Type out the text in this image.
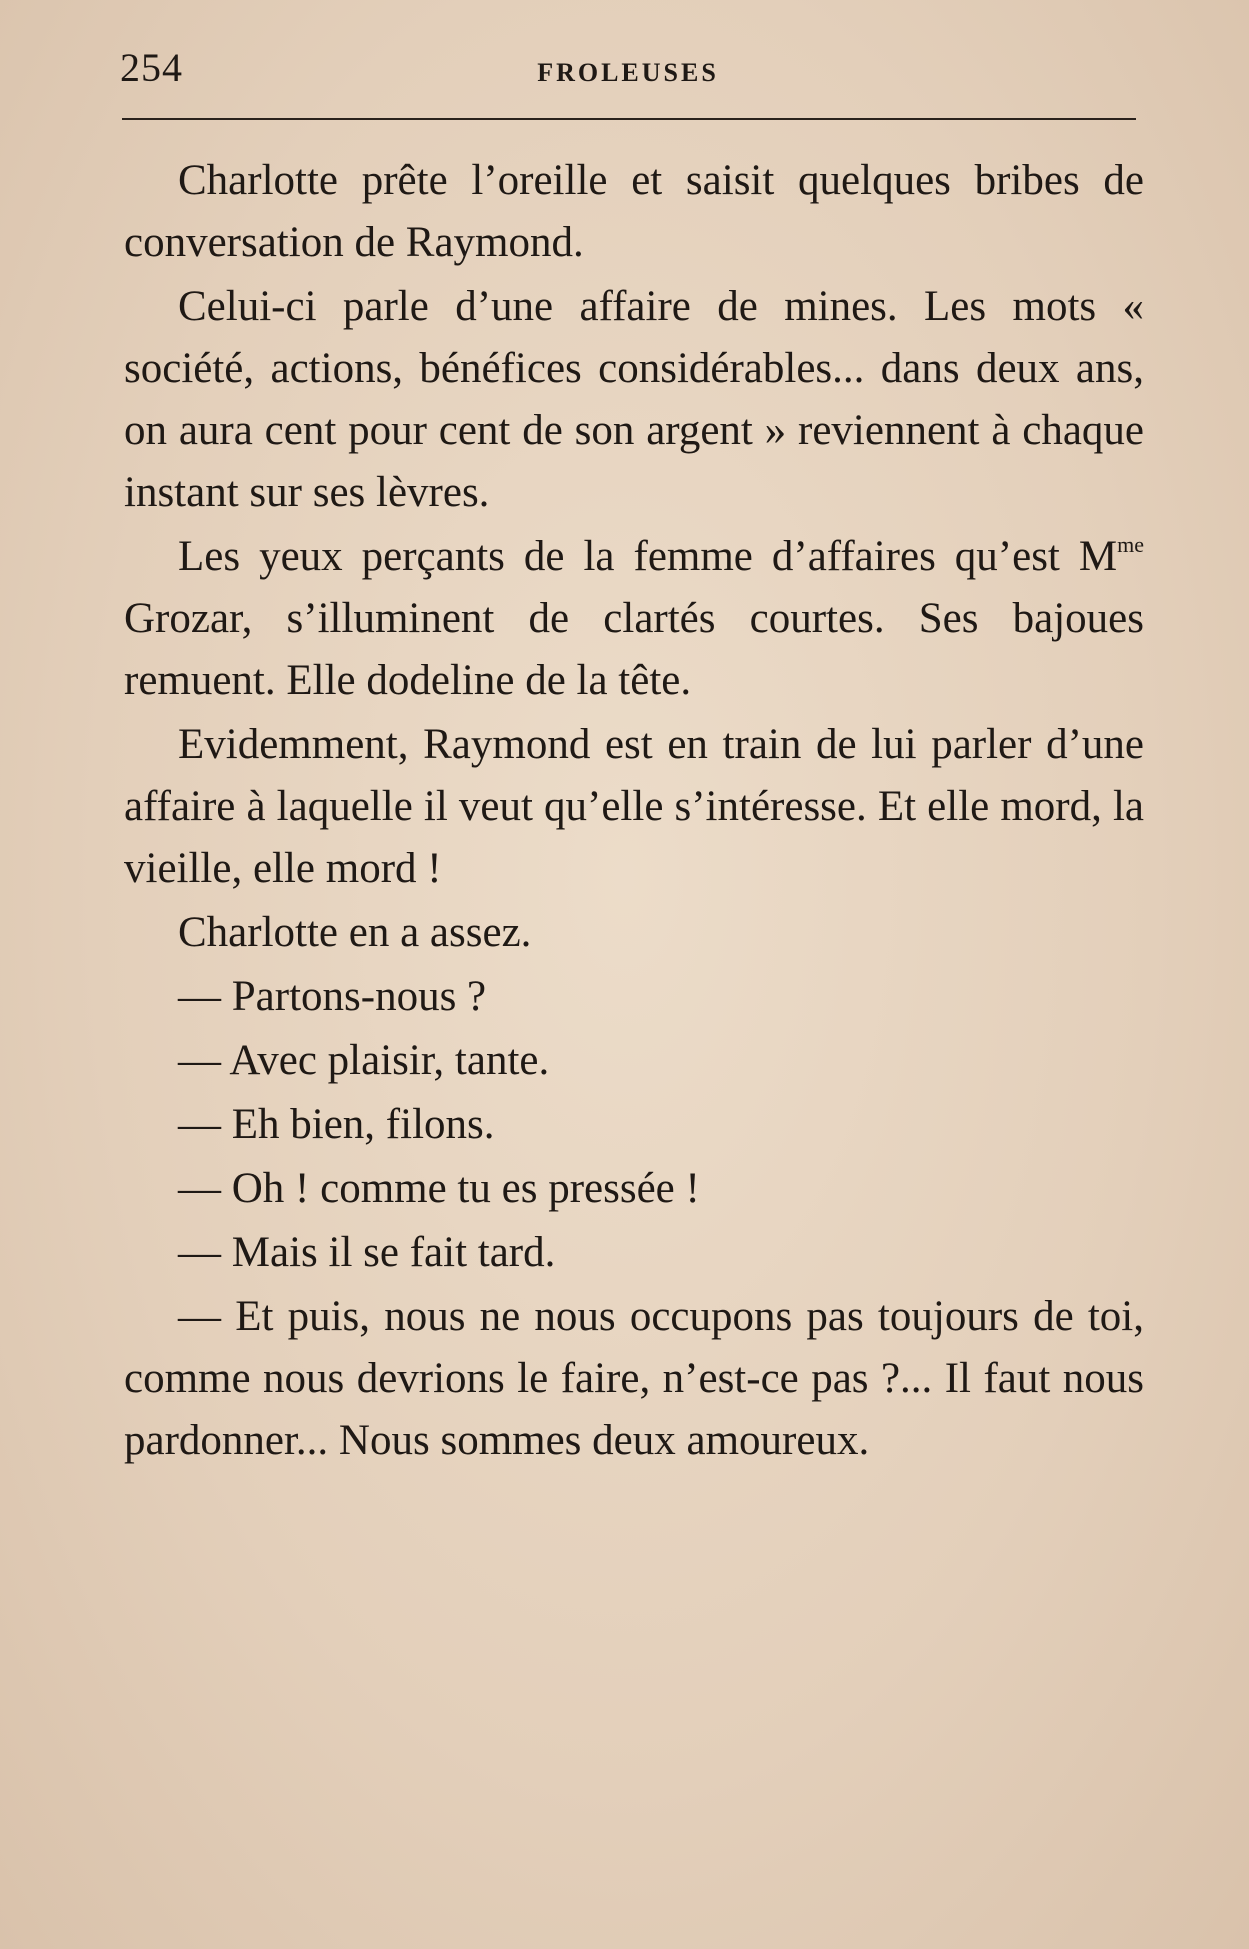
254	FROLEUSES

Charlotte prête l’oreille et saisit quelques bribes de conversation de Raymond.

Celui-ci parle d’une affaire de mines. Les mots « société, actions, bénéfices considérables... dans deux ans, on aura cent pour cent de son argent » reviennent à chaque instant sur ses lèvres.

Les yeux perçants de la femme d’affaires qu’est $M^{me}$ Grozar, s’illuminent de clartés courtes. Ses bajoues remuent. Elle dodeline de la tête.

Evidemment, Raymond est en train de lui parler d’une affaire à laquelle il veut qu’elle s’intéresse. Et elle mord, la vieille, elle mord !

Charlotte en a assez.

— Partons-nous ?

— Avec plaisir, tante.

— Eh bien, filons.

— Oh ! comme tu es pressée !

— Mais il se fait tard.

— Et puis, nous ne nous occupons pas toujours de toi, comme nous devrions le faire, n’est-ce pas ?... Il faut nous pardonner... Nous sommes deux amoureux.
